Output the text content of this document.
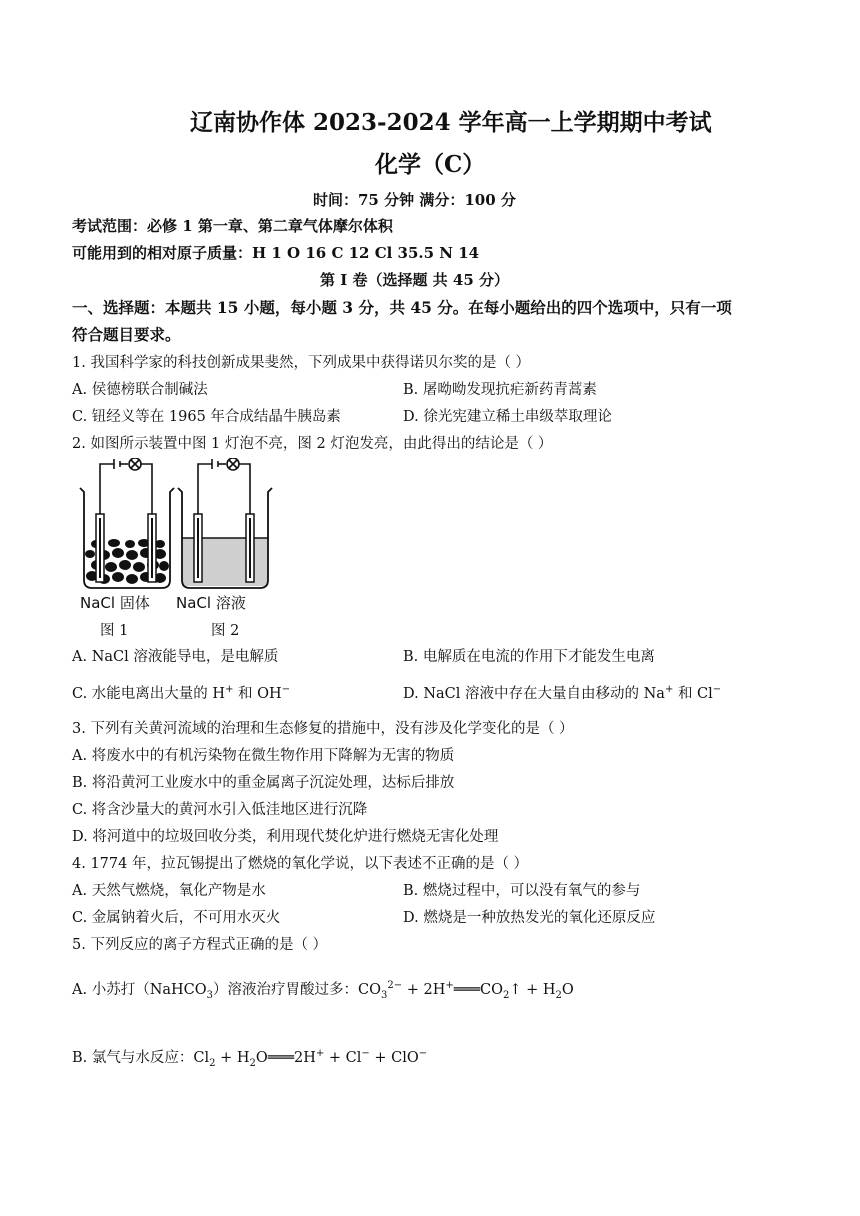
辽南协作体 2023-2024 学年高一上学期期中考试
化学（C）
时间：75 分钟 满分：100 分
考试范围：必修 1 第一章、第二章气体摩尔体积
可能用到的相对原子质量：H 1 O 16 C 12 Cl 35.5 N 14
第 Ⅰ 卷（选择题 共 45 分）
一、选择题：本题共 15 小题，每小题 3 分，共 45 分。在每小题给出的四个选项中，只有一项
符合题目要求。
1. 我国科学家的科技创新成果斐然，下列成果中获得诺贝尔奖的是（ ）
A. 侯德榜联合制碱法	B. 屠呦呦发现抗疟新药青蒿素
C. 钮经义等在 1965 年合成结晶牛胰岛素	D. 徐光宪建立稀土串级萃取理论
2. 如图所示装置中图 1 灯泡不亮，图 2 灯泡发亮，由此得出的结论是（ ）
NaCl 固体 NaCl 溶液
图 1	图 2
A. NaCl 溶液能导电，是电解质	B. 电解质在电流的作用下才能发生电离
C. 水能电离出大量的 H+ 和 OH−	D. NaCl 溶液中存在大量自由移动的 Na+ 和 Cl−
3. 下列有关黄河流域的治理和生态修复的措施中，没有涉及化学变化的是（ ）
A. 将废水中的有机污染物在微生物作用下降解为无害的物质
B. 将沿黄河工业废水中的重金属离子沉淀处理，达标后排放
C. 将含沙量大的黄河水引入低洼地区进行沉降
D. 将河道中的垃圾回收分类，利用现代焚化炉进行燃烧无害化处理
4. 1774 年，拉瓦锡提出了燃烧的氧化学说，以下表述不正确的是（ ）
A. 天然气燃烧，氧化产物是水	B. 燃烧过程中，可以没有氧气的参与
C. 金属钠着火后，不可用水灭火	D. 燃烧是一种放热发光的氧化还原反应
5. 下列反应的离子方程式正确的是（ ）
A. 小苏打（NaHCO$_3$）溶液治疗胃酸过多：$CO_3^{2-}$ + $2H^+═══CO_2↑ + H_2O$
B. 氯气与水反应：$Cl_2$ + $H_2O═══2H^+ + Cl^- + ClO^-$
